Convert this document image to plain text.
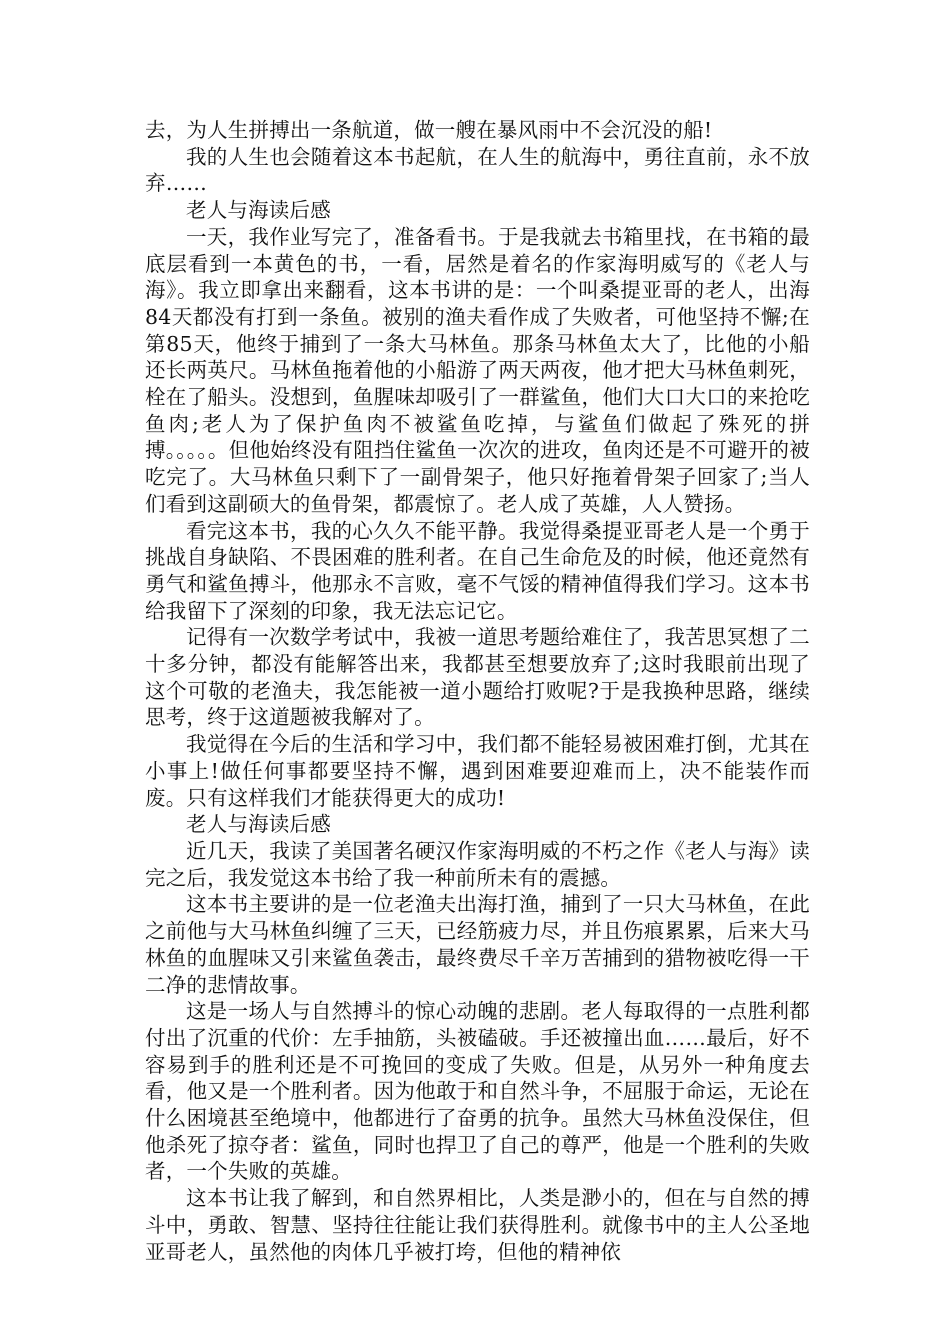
去，为人生拼搏出一条航道，做一艘在暴风雨中不会沉没的船!

我的人生也会随着这本书起航，在人生的航海中，勇往直前，永不放弃……

老人与海读后感

一天，我作业写完了，准备看书。于是我就去书箱里找，在书箱的最底层看到一本黄色的书，一看，居然是着名的作家海明威写的《老人与海》。我立即拿出来翻看，这本书讲的是：一个叫桑提亚哥的老人，出海84天都没有打到一条鱼。被别的渔夫看作成了失败者，可他坚持不懈;在第85天，他终于捕到了一条大马林鱼。那条马林鱼太大了，比他的小船还长两英尺。马林鱼拖着他的小船游了两天两夜，他才把大马林鱼刺死，栓在了船头。没想到，鱼腥味却吸引了一群鲨鱼，他们大口大口的来抢吃鱼肉;老人为了保护鱼肉不被鲨鱼吃掉，与鲨鱼们做起了殊死的拼搏。。。。。但他始终没有阻挡住鲨鱼一次次的进攻，鱼肉还是不可避开的被吃完了。大马林鱼只剩下了一副骨架子，他只好拖着骨架子回家了;当人们看到这副硕大的鱼骨架，都震惊了。老人成了英雄，人人赞扬。

看完这本书，我的心久久不能平静。我觉得桑提亚哥老人是一个勇于挑战自身缺陷、不畏困难的胜利者。在自己生命危及的时候，他还竟然有勇气和鲨鱼搏斗，他那永不言败，毫不气馁的精神值得我们学习。这本书给我留下了深刻的印象，我无法忘记它。

记得有一次数学考试中，我被一道思考题给难住了，我苦思冥想了二十多分钟，都没有能解答出来，我都甚至想要放弃了;这时我眼前出现了这个可敬的老渔夫，我怎能被一道小题给打败呢?于是我换种思路，继续思考，终于这道题被我解对了。

我觉得在今后的生活和学习中，我们都不能轻易被困难打倒，尤其在小事上!做任何事都要坚持不懈，遇到困难要迎难而上，决不能装作而废。只有这样我们才能获得更大的成功!

老人与海读后感

近几天，我读了美国著名硬汉作家海明威的不朽之作《老人与海》读完之后，我发觉这本书给了我一种前所未有的震撼。

这本书主要讲的是一位老渔夫出海打渔，捕到了一只大马林鱼，在此之前他与大马林鱼纠缠了三天，已经筋疲力尽，并且伤痕累累，后来大马林鱼的血腥味又引来鲨鱼袭击，最终费尽千辛万苦捕到的猎物被吃得一干二净的悲情故事。

这是一场人与自然搏斗的惊心动魄的悲剧。老人每取得的一点胜利都付出了沉重的代价：左手抽筋，头被磕破。手还被撞出血……最后，好不容易到手的胜利还是不可挽回的变成了失败。但是，从另外一种角度去看，他又是一个胜利者。因为他敢于和自然斗争，不屈服于命运，无论在什么困境甚至绝境中，他都进行了奋勇的抗争。虽然大马林鱼没保住，但他杀死了掠夺者：鲨鱼，同时也捍卫了自己的尊严，他是一个胜利的失败者，一个失败的英雄。

这本书让我了解到，和自然界相比，人类是渺小的，但在与自然的搏斗中，勇敢、智慧、坚持往往能让我们获得胜利。就像书中的主人公圣地亚哥老人，虽然他的肉体几乎被打垮，但他的精神依
